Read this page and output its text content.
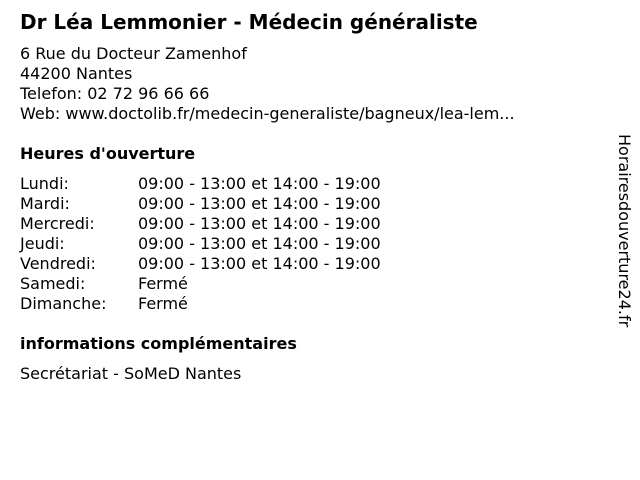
Dr Léa Lemmonier - Médecin généraliste
6 Rue du Docteur Zamenhof
44200 Nantes
Telefon: 02 72 96 66 66
Web: www.doctolib.fr/medecin-generaliste/bagneux/lea-lem...
Heures d'ouverture
Lundi:	09:00 - 13:00 et 14:00 - 19:00
Mardi:	09:00 - 13:00 et 14:00 - 19:00
Mercredi:	09:00 - 13:00 et 14:00 - 19:00
Jeudi:	09:00 - 13:00 et 14:00 - 19:00
Vendredi:	09:00 - 13:00 et 14:00 - 19:00
Samedi:	Fermé
Dimanche: Fermé
informations complémentaires
Secrétariat - SoMeD Nantes
Horairesdouverture24.fr
